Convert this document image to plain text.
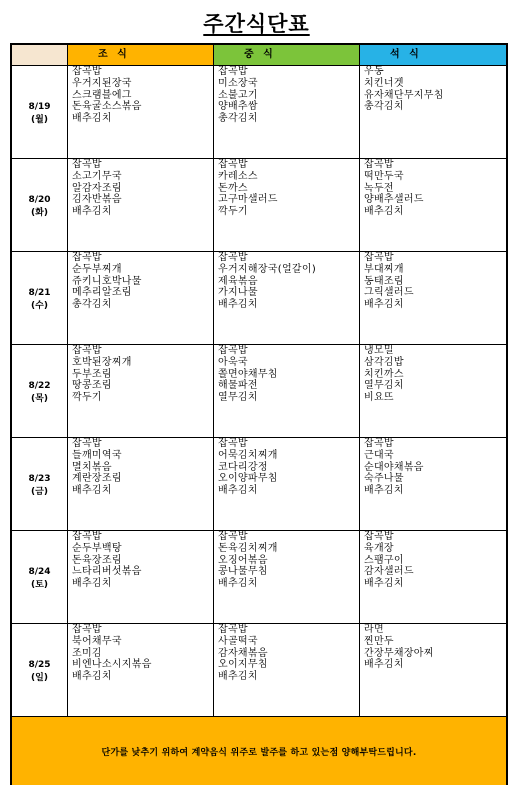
주간식단표
조 식	중 식	석 식
8/19
(월)
잡곡밥
우거지된장국
스크램블에그
돈육굴소스볶음
배추김치
잡곡밥
미소장국
소불고기
양배추쌈
총각김치
우동
치킨너겟
유자채단무지무침
총각김치
8/20
(화)
잡곡밥
소고기무국
알감자조림
김자반볶음
배추김치
잡곡밥
카레소스
돈까스
고구마샐러드
깍두기
잡곡밥
떡만두국
녹두전
양배추샐러드
배추김치
8/21
(수)
잡곡밥
순두부찌개
쥬키니호박나물
메추리알조림
총각김치
잡곡밥
우거지해장국(얼갈이)
제육볶음
가지나물
배추김치
잡곡밥
부대찌개
동태조림
그릭샐러드
배추김치
8/22
(목)
잡곡밥
호박된장찌개
두부조림
땅콩조림
깍두기
잡곡밥
아욱국
쫄면야채무침
해물파전
열무김치
냉모밀
삼각김밥
치킨까스
열무김치
비요뜨
8/23
(금)
잡곡밥
들깨미역국
멸치볶음
계란장조림
배추김치
잡곡밥
어묵김치찌개
코다리강정
오이양파무침
배추김치
잡곡밥
근대국
순대야채볶음
숙주나물
배추김치
8/24
(토)
잡곡밥
순두부백탕
돈육장조림
느타리버섯볶음
배추김치
잡곡밥
돈육김치찌개
오징어볶음
콩나물무침
배추김치
잡곡밥
육개장
스팸구이
감자샐러드
배추김치
8/25
(일)
잡곡밥
북어채무국
조미김
비엔나소시지볶음
배추김치
잡곡밥
사골떡국
감자채볶음
오이지무침
배추김치
라면
찐만두
간장무채장아찌
배추김치
단가를 낮추기 위하여 계약음식 위주로 발주를 하고 있는점 양해부탁드립니다.
